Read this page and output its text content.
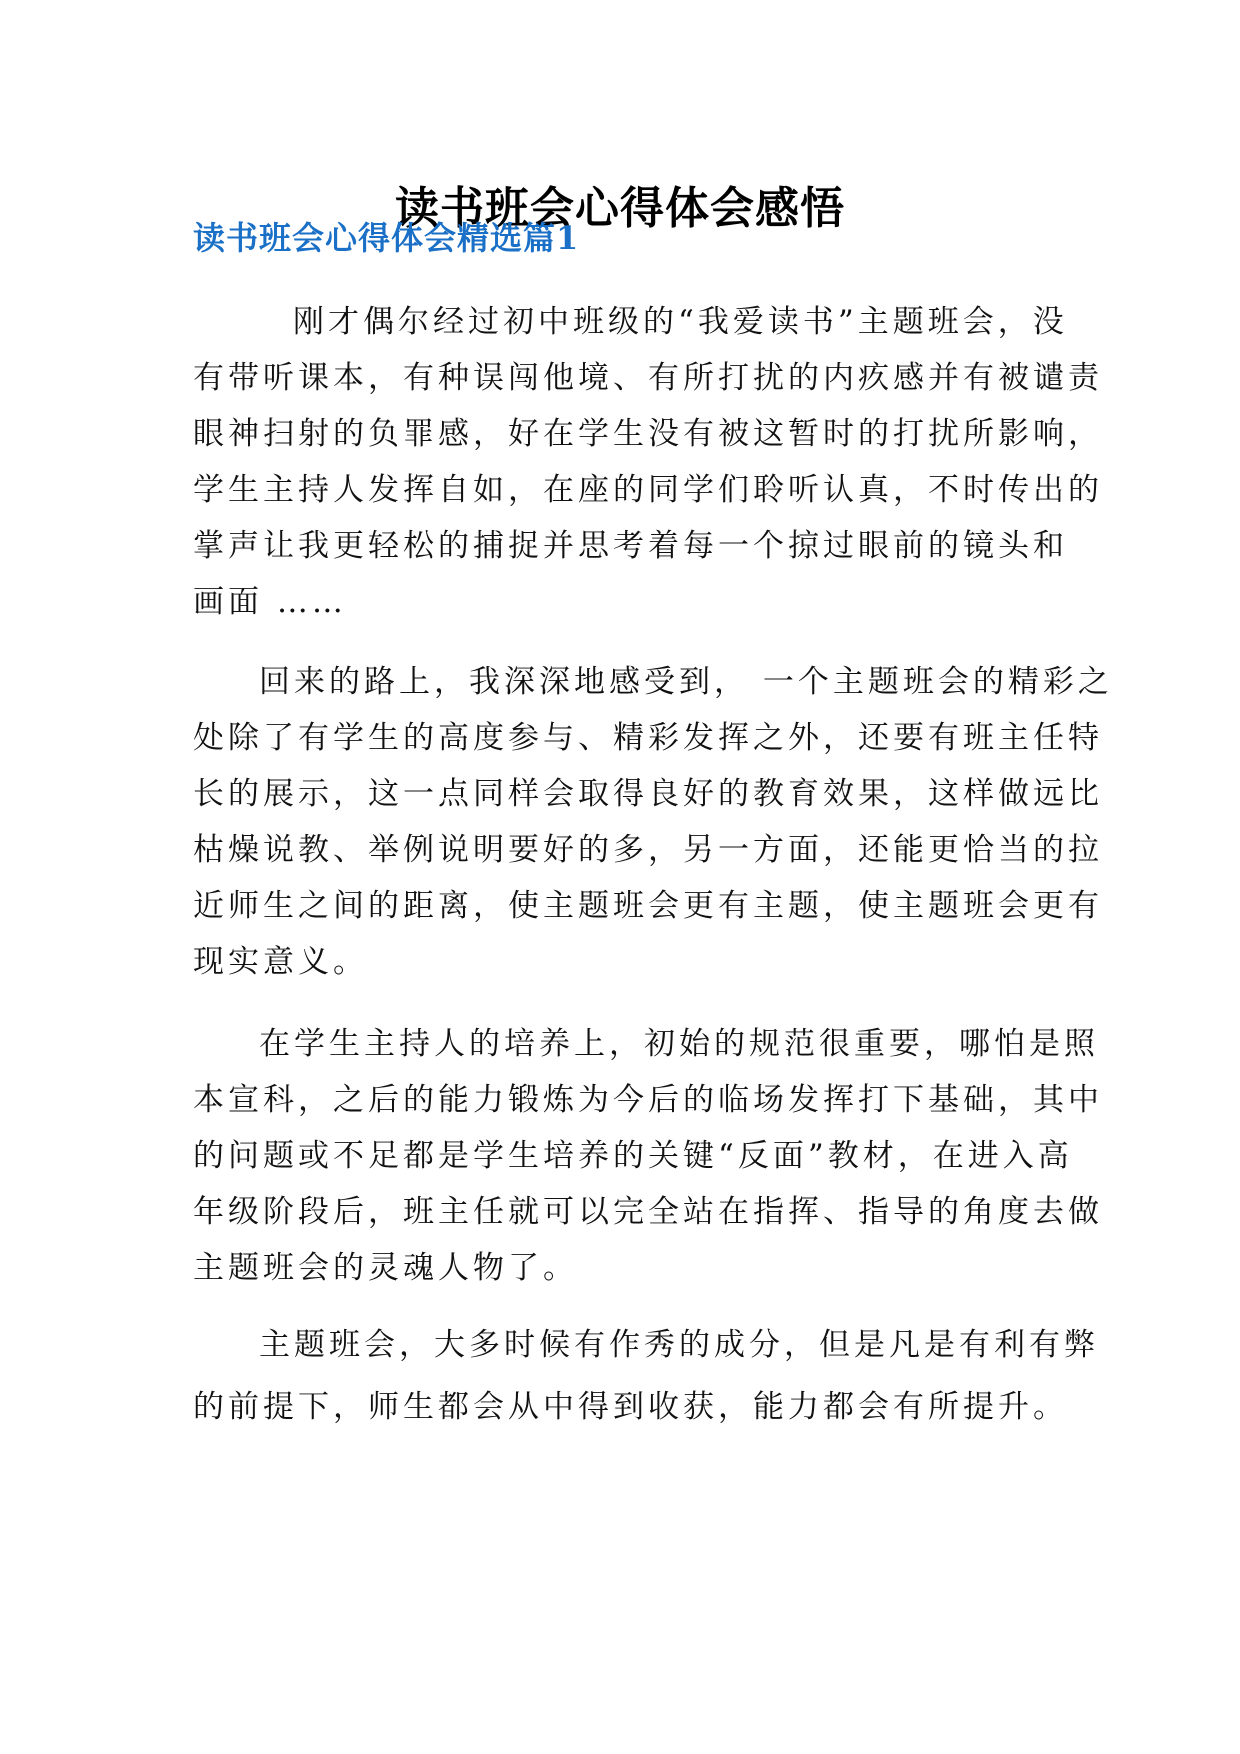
读书班会心得体会感悟
读书班会心得体会精选篇1

刚才偶尔经过初中班级的“我爱读书”主题班会，没
有带听课本，有种误闯他境、有所打扰的内疚感并有被谴责
眼神扫射的负罪感，好在学生没有被这暂时的打扰所影响，
学生主持人发挥自如，在座的同学们聆听认真，不时传出的
掌声让我更轻松的捕捉并思考着每一个掠过眼前的镜头和
画面 ……

回来的路上，我深深地感受到， 一个主题班会的精彩之
处除了有学生的高度参与、精彩发挥之外，还要有班主任特
长的展示，这一点同样会取得良好的教育效果，这样做远比
枯燥说教、举例说明要好的多，另一方面，还能更恰当的拉
近师生之间的距离，使主题班会更有主题，使主题班会更有
现实意义。

在学生主持人的培养上，初始的规范很重要，哪怕是照
本宣科，之后的能力锻炼为今后的临场发挥打下基础，其中
的问题或不足都是学生培养的关键“反面”教材，在进入高
年级阶段后，班主任就可以完全站在指挥、指导的角度去做
主题班会的灵魂人物了。

主题班会，大多时候有作秀的成分，但是凡是有利有弊
的前提下，师生都会从中得到收获，能力都会有所提升。
